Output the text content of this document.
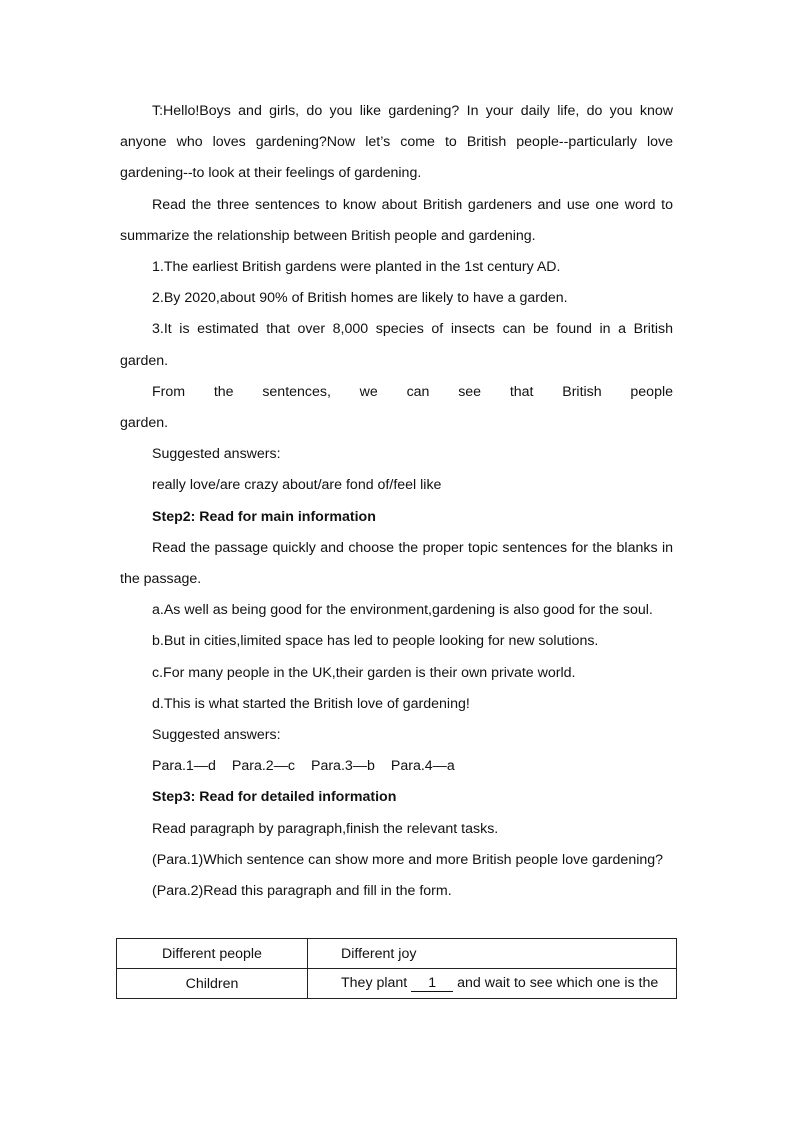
T:Hello!Boys and girls, do you like gardening? In your daily life, do you know anyone who loves gardening?Now let’s come to British people--particularly love gardening--to look at their feelings of gardening.

Read the three sentences to know about British gardeners and use one word to summarize the relationship between British people and gardening.

1.The earliest British gardens were planted in the 1st century AD.

2.By 2020,about 90% of British homes are likely to have a garden.

3.It is estimated that over 8,000 species of insects can be found in a British garden.

From the sentences, we can see that British people

garden.

Suggested answers:

really love/are crazy about/are fond of/feel like

Step2: Read for main information

Read the passage quickly and choose the proper topic sentences for the blanks in the passage.

a.As well as being good for the environment,gardening is also good for the soul.

b.But in cities,limited space has led to people looking for new solutions.

c.For many people in the UK,their garden is their own private world.

d.This is what started the British love of gardening!

Suggested answers:

Para.1—d Para.2—c Para.3—b Para.4—a

Step3: Read for detailed information

Read paragraph by paragraph,finish the relevant tasks.

(Para.1)Which sentence can show more and more British people love gardening?

(Para.2)Read this paragraph and fill in the form.

Different people	Different joy
Children	They plant 1 and wait to see which one is the
